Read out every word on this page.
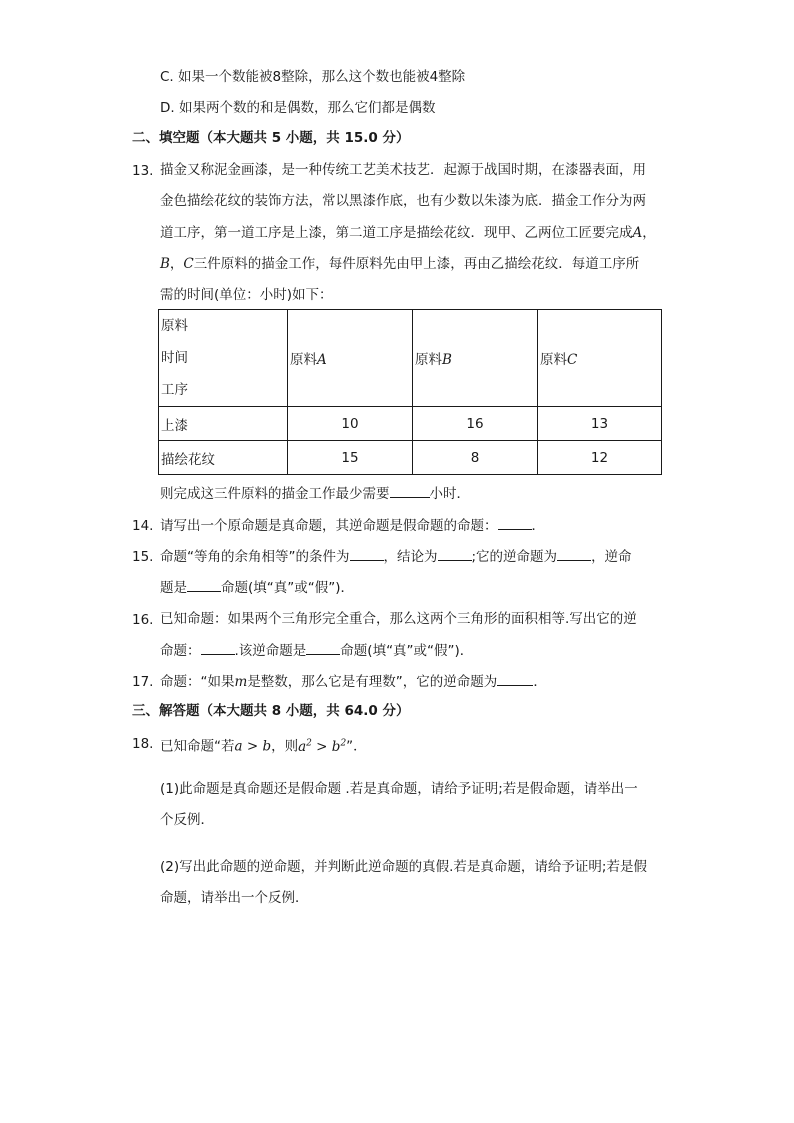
C. 如果一个数能被8整除，那么这个数也能被4整除
D. 如果两个数的和是偶数，那么它们都是偶数
二、填空题（本大题共 5 小题，共 15.0 分）
13. 描金又称泥金画漆，是一种传统工艺美术技艺．起源于战国时期，在漆器表面，用
金色描绘花纹的装饰方法，常以黑漆作底，也有少数以朱漆为底．描金工作分为两
道工序，第一道工序是上漆，第二道工序是描绘花纹．现甲、乙两位工匠要完成A，
B，C三件原料的描金工作，每件原料先由甲上漆，再由乙描绘花纹．每道工序所
需的时间(单位：小时)如下：
原料
时间
工序	原料A	原料B	原料C
上漆	10	16	13
描绘花纹	15	8	12
则完成这三件原料的描金工作最少需要	小时．
14. 请写出一个原命题是真命题，其逆命题是假命题的命题：	．
15. 命题“等角的余角相等”的条件为	，结论为	;它的逆命题为	，逆命
题是	命题(填“真”或“假”)．
16. 已知命题：如果两个三角形完全重合，那么这两个三角形的面积相等.写出它的逆
命题：	.该逆命题是	命题(填“真”或“假”)．
17. 命题：“如果m是整数，那么它是有理数”，它的逆命题为	．
三、解答题（本大题共 8 小题，共 64.0 分）
18. 已知命题“若a > b，则$a^2 > b^2$”．
(1)此命题是真命题还是假命题 .若是真命题，请给予证明;若是假命题，请举出一
个反例．
(2)写出此命题的逆命题，并判断此逆命题的真假.若是真命题，请给予证明;若是假
命题，请举出一个反例．
